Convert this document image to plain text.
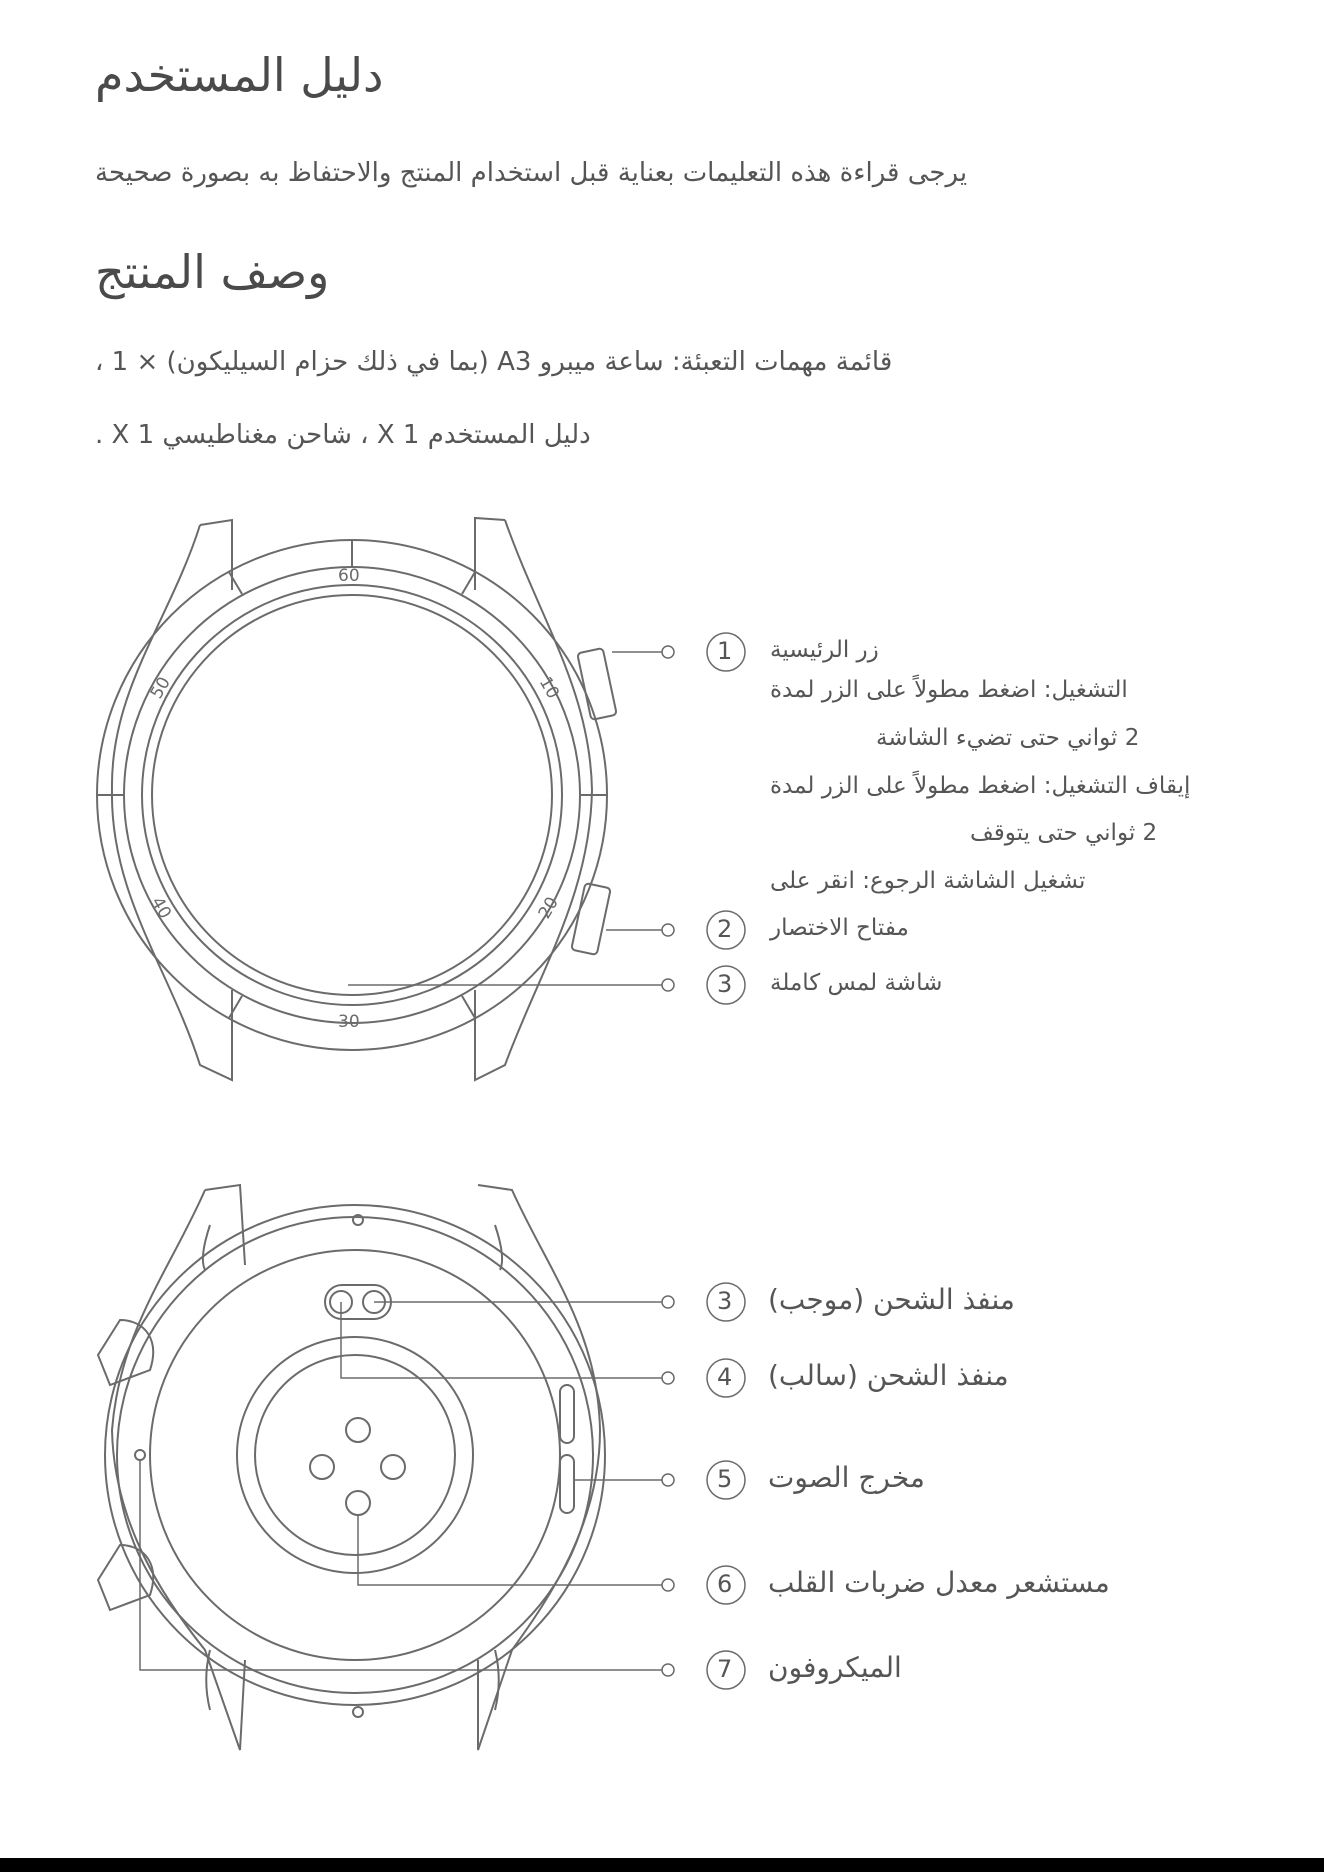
دليل المستخدم
يرجى قراءة هذه التعليمات بعناية قبل استخدام المنتج والاحتفاظ به بصورة صحيحة
وصف المنتج
قائمة مهمات التعبئة: ساعة ميبرو A3 (بما في ذلك حزام السيليكون) × 1 ،
دليل المستخدم X 1 ، شاحن مغناطيسي X 1 .
60
10
20
30
40
50
1
2
3
زر الرئيسية
التشغيل: اضغط مطولاً على الزر لمدة
2 ثواني حتى تضيء الشاشة
إيقاف التشغيل: اضغط مطولاً على الزر لمدة
2 ثواني حتى يتوقف
تشغيل الشاشة الرجوع: انقر على
مفتاح الاختصار
شاشة لمس كاملة
3
4
5
6
7
منفذ الشحن (موجب)
منفذ الشحن (سالب)
مخرج الصوت
مستشعر معدل ضربات القلب
الميكروفون
